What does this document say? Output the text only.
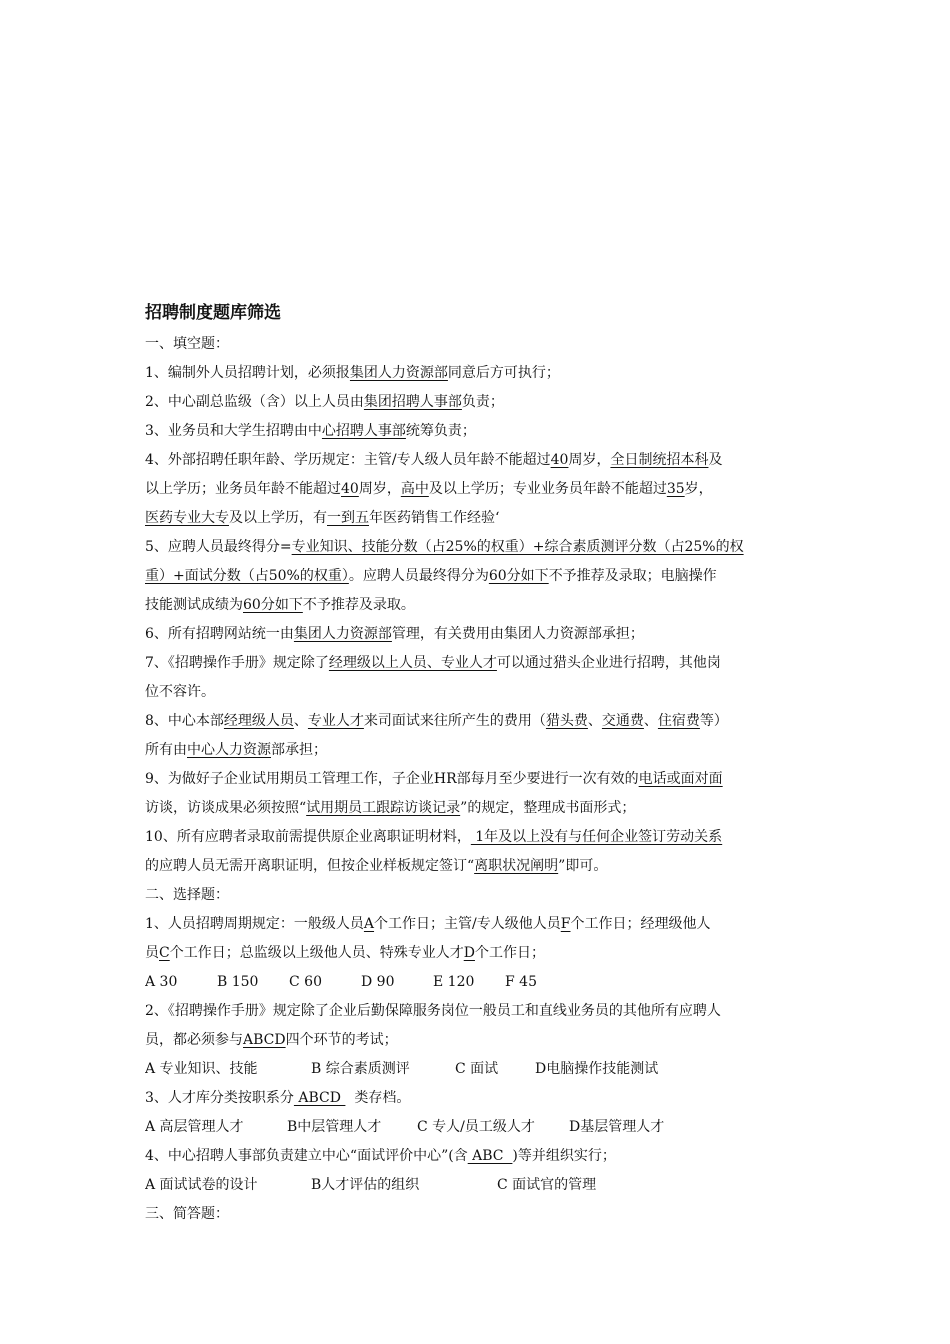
招聘制度题库筛选
一、填空题：
1、编制外人员招聘计划，必须报集团人力资源部同意后方可执行；
2、中心副总监级（含）以上人员由集团招聘人事部负责；
3、业务员和大学生招聘由中心招聘人事部统筹负责；
4、外部招聘任职年龄、学历规定：主管/专人级人员年龄不能超过40周岁，全日制统招本科及
以上学历；业务员年龄不能超过40周岁，高中及以上学历；专业业务员年龄不能超过35岁，
医药专业大专及以上学历，有一到五年医药销售工作经验‘
5、应聘人员最终得分=专业知识、技能分数（占25%的权重）+综合素质测评分数（占25%的权
重）+面试分数（占50%的权重）。应聘人员最终得分为60分如下不予推荐及录取；电脑操作
技能测试成绩为60分如下不予推荐及录取。
6、所有招聘网站统一由集团人力资源部管理，有关费用由集团人力资源部承担；
7、《招聘操作手册》规定除了经理级以上人员、专业人才可以通过猎头企业进行招聘，其他岗
位不容许。
8、中心本部经理级人员、专业人才来司面试来往所产生的费用（猎头费、交通费、住宿费等）
所有由中心人力资源部承担；
9、为做好子企业试用期员工管理工作，子企业HR部每月至少要进行一次有效的电话或面对面
访谈，访谈成果必须按照“试用期员工跟踪访谈记录”的规定，整理成书面形式；
10、所有应聘者录取前需提供原企业离职证明材料， 1年及以上没有与任何企业签订劳动关系
的应聘人员无需开离职证明，但按企业样板规定签订“离职状况阐明”即可。
二、选择题：
1、人员招聘周期规定：一般级人员A个工作日；主管/专人级他人员F个工作日；经理级他人
员C个工作日；总监级以上级他人员、特殊专业人才D个工作日；
A 30	B 150 C 60	D 90	E 120 F 45
2、《招聘操作手册》规定除了企业后勤保障服务岗位一般员工和直线业务员的其他所有应聘人
员，都必须参与ABCD四个环节的考试；
A 专业知识、技能	B 综合素质测评	C 面试	D电脑操作技能测试
3、人才库分类按职系分 ABCD   类存档。
A 高层管理人才	B中层管理人才	C 专人/员工级人才 D基层管理人才
4、中心招聘人事部负责建立中心“面试评价中心”(含 ABC  )等并组织实行；
A 面试试卷的设计	B人才评估的组织	C 面试官的管理
三、简答题：
